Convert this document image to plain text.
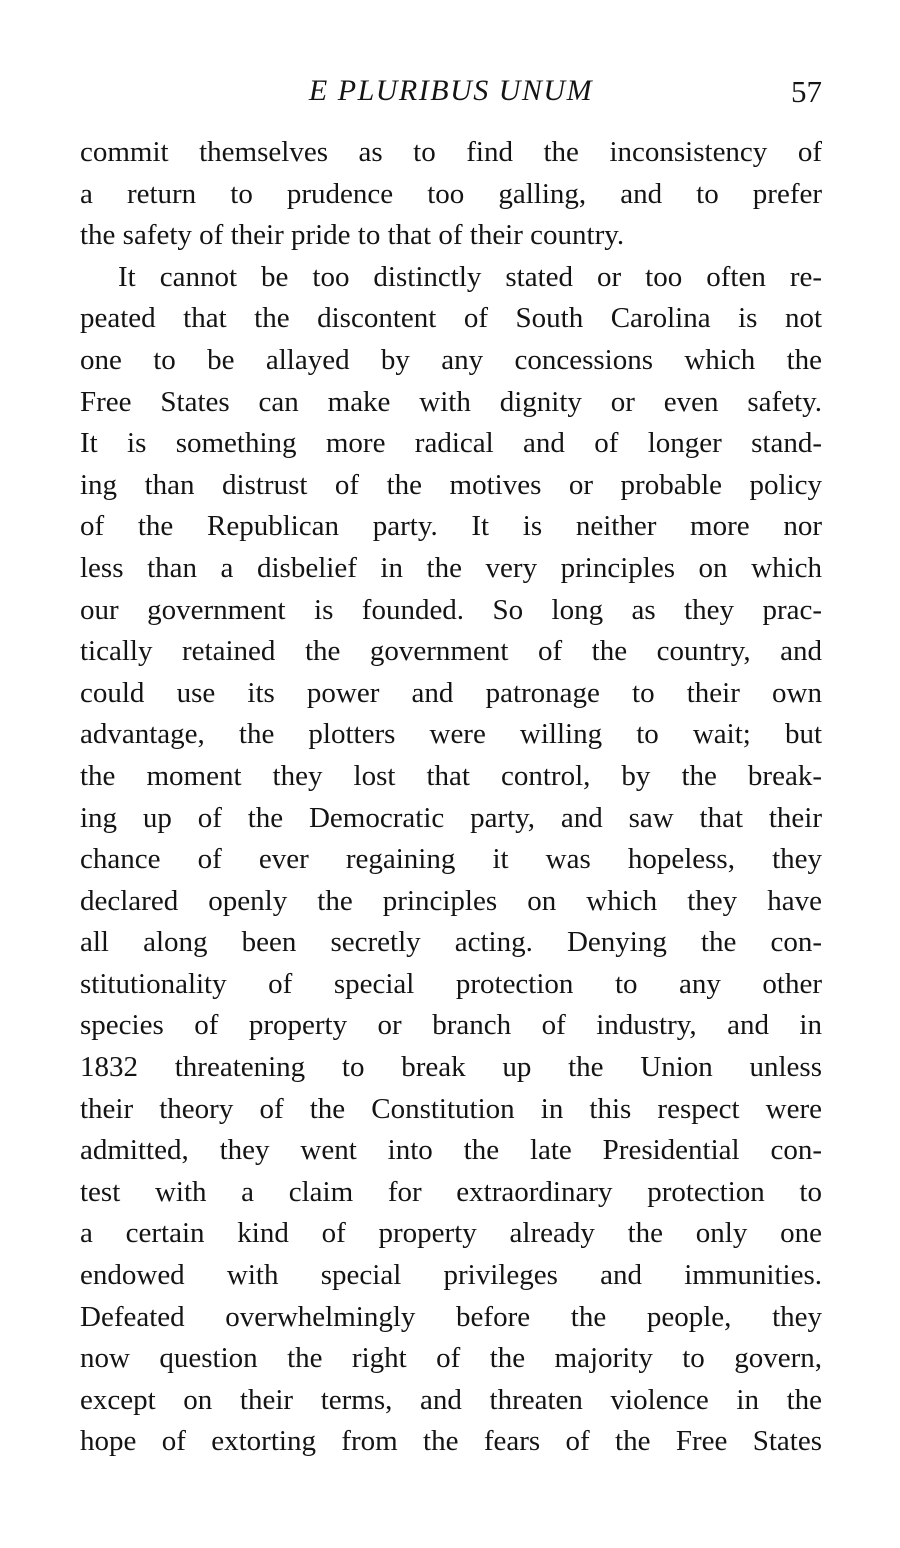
E PLURIBUS UNUM	57
commit themselves as to find the inconsistency of
a return to prudence too galling, and to prefer
the safety of their pride to that of their country.
It cannot be too distinctly stated or too often re-
peated that the discontent of South Carolina is not
one to be allayed by any concessions which the
Free States can make with dignity or even safety.
It is something more radical and of longer stand-
ing than distrust of the motives or probable policy
of the Republican party. It is neither more nor
less than a disbelief in the very principles on which
our government is founded. So long as they prac-
tically retained the government of the country, and
could use its power and patronage to their own
advantage, the plotters were willing to wait; but
the moment they lost that control, by the break-
ing up of the Democratic party, and saw that their
chance of ever regaining it was hopeless, they
declared openly the principles on which they have
all along been secretly acting. Denying the con-
stitutionality of special protection to any other
species of property or branch of industry, and in
1832 threatening to break up the Union unless
their theory of the Constitution in this respect were
admitted, they went into the late Presidential con-
test with a claim for extraordinary protection to
a certain kind of property already the only one
endowed with special privileges and immunities.
Defeated overwhelmingly before the people, they
now question the right of the majority to govern,
except on their terms, and threaten violence in the
hope of extorting from the fears of the Free States
